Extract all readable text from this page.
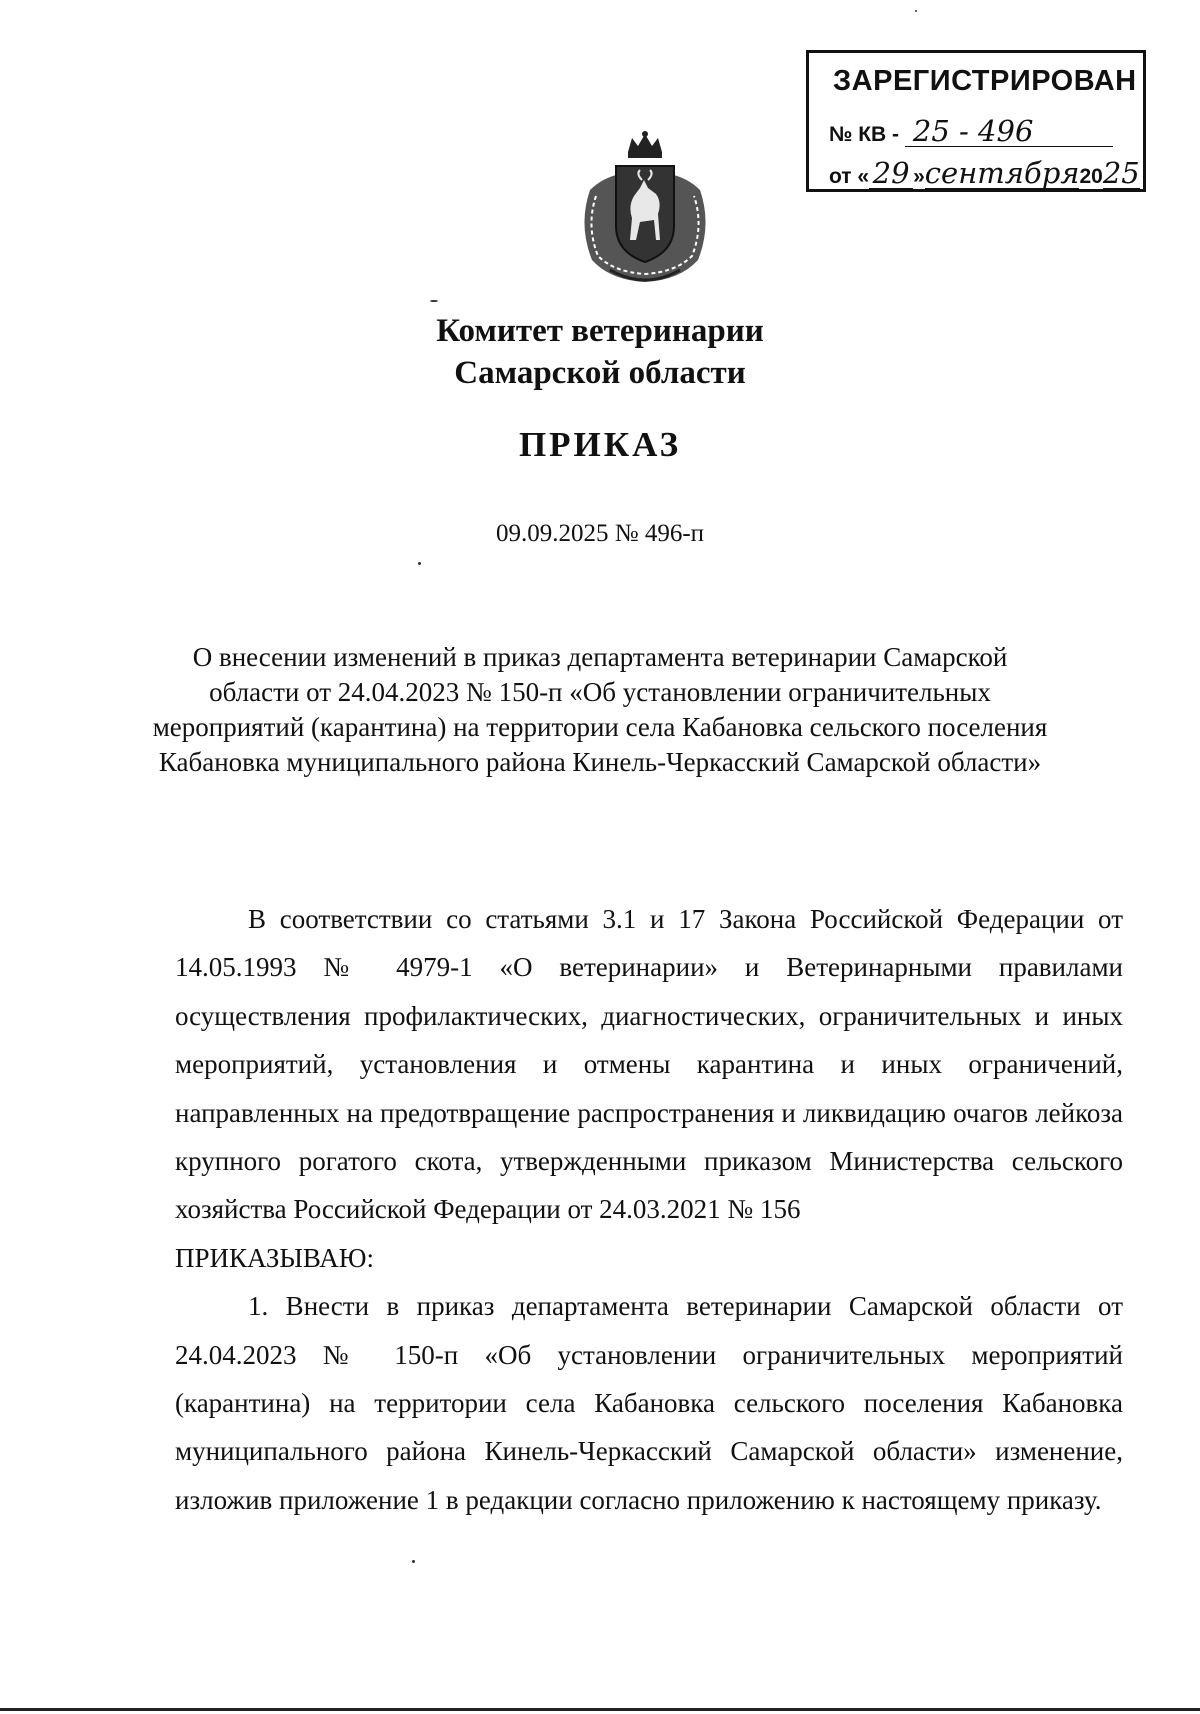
ЗАРЕГИСТРИРОВАН
№ КВ - 25 - 496
от « 29 »сентября2025
Комитет ветеринарии
Самарской области
ПРИКАЗ
09.09.2025 № 496-п
О внесении изменений в приказ департамента ветеринарии Самарской
области от 24.04.2023 № 150-п «Об установлении ограничительных
мероприятий (карантина) на территории села Кабановка сельского поселения
Кабановка муниципального района Кинель-Черкасский Самарской области»

В соответствии со статьями 3.1 и 17 Закона Российской Федерации от 14.05.1993 № 4979-1 «О ветеринарии» и Ветеринарными правилами осуществления профилактических, диагностических, ограничительных и иных мероприятий, установления и отмены карантина и иных ограничений, направленных на предотвращение распространения и ликвидацию очагов лейкоза крупного рогатого скота, утвержденными приказом Министерства сельского хозяйства Российской Федерации от 24.03.2021 № 156

ПРИКАЗЫВАЮ:

1. Внести в приказ департамента ветеринарии Самарской области от 24.04.2023 № 150-п «Об установлении ограничительных мероприятий (карантина) на территории села Кабановка сельского поселения Кабановка муниципального района Кинель-Черкасский Самарской области» изменение, изложив приложение 1 в редакции согласно приложению к настоящему приказу.
